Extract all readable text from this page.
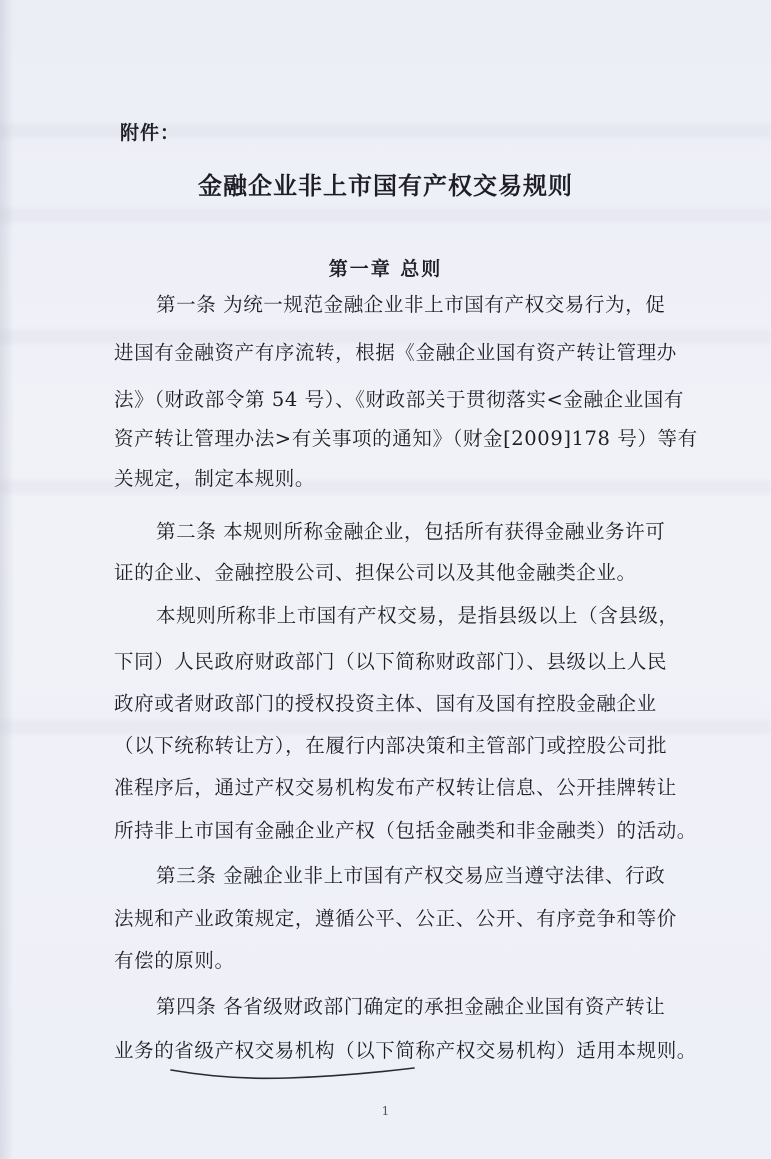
附件：
金融企业非上市国有产权交易规则
第一章 总则
第一条 为统一规范金融企业非上市国有产权交易行为，促
进国有金融资产有序流转，根据《金融企业国有资产转让管理办
法》（财政部令第 54 号）、《财政部关于贯彻落实<金融企业国有
资产转让管理办法>有关事项的通知》（财金[2009]178 号）等有
关规定，制定本规则。
第二条 本规则所称金融企业，包括所有获得金融业务许可
证的企业、金融控股公司、担保公司以及其他金融类企业。
本规则所称非上市国有产权交易，是指县级以上（含县级，
下同）人民政府财政部门（以下简称财政部门）、县级以上人民
政府或者财政部门的授权投资主体、国有及国有控股金融企业
（以下统称转让方），在履行内部决策和主管部门或控股公司批
准程序后，通过产权交易机构发布产权转让信息、公开挂牌转让
所持非上市国有金融企业产权（包括金融类和非金融类）的活动。
第三条 金融企业非上市国有产权交易应当遵守法律、行政
法规和产业政策规定，遵循公平、公正、公开、有序竞争和等价
有偿的原则。
第四条 各省级财政部门确定的承担金融企业国有资产转让
业务的省级产权交易机构（以下简称产权交易机构）适用本规则。
1
